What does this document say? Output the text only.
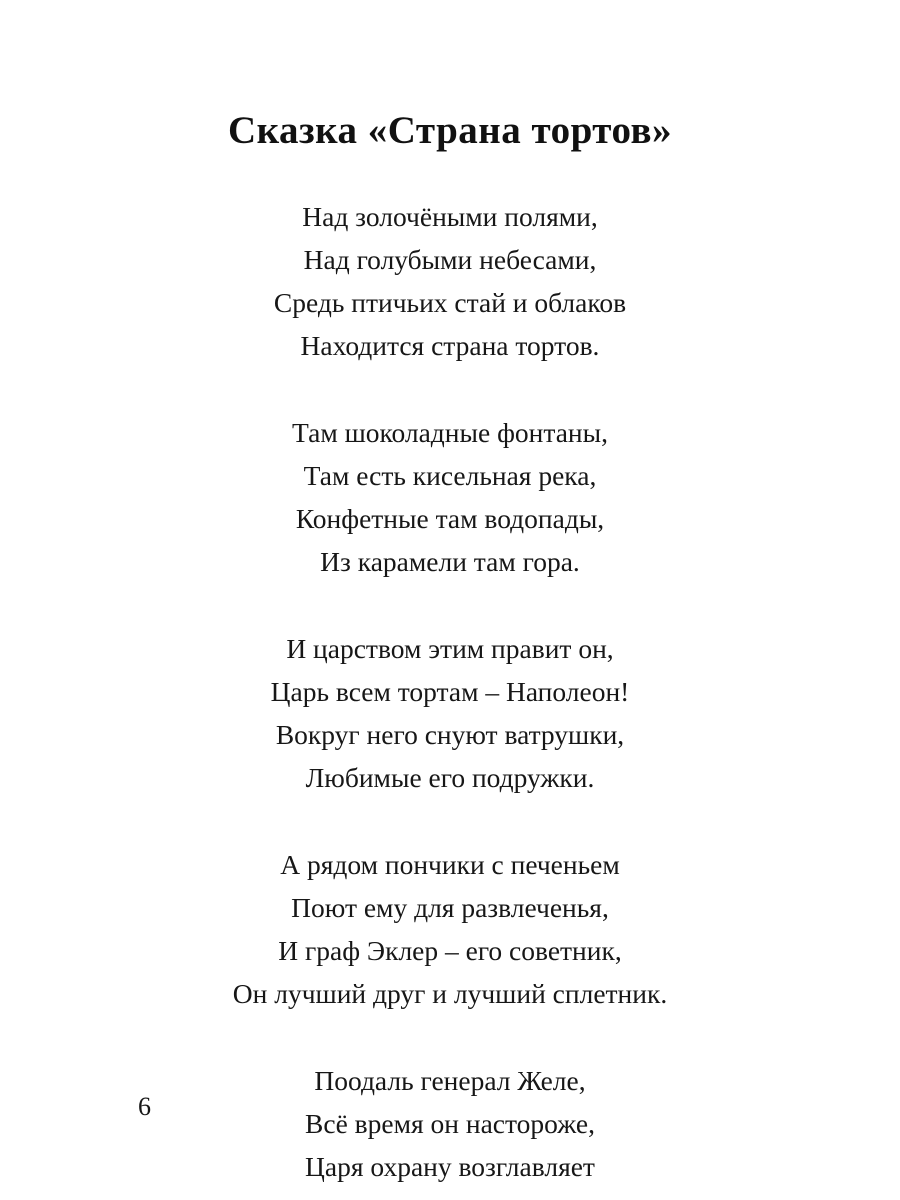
Сказка «Страна тортов»
Над золочёными полями,
Над голубыми небесами,
Средь птичьих стай и облаков
Находится страна тортов.
Там шоколадные фонтаны,
Там есть кисельная река,
Конфетные там водопады,
Из карамели там гора.
И царством этим правит он,
Царь всем тортам – Наполеон!
Вокруг него снуют ватрушки,
Любимые его подружки.
А рядом пончики с печеньем
Поют ему для развлеченья,
И граф Эклер – его советник,
Он лучший друг и лучший сплетник.
Поодаль генерал Желе,
Всё время он настороже,
Царя охрану возглавляет
6
